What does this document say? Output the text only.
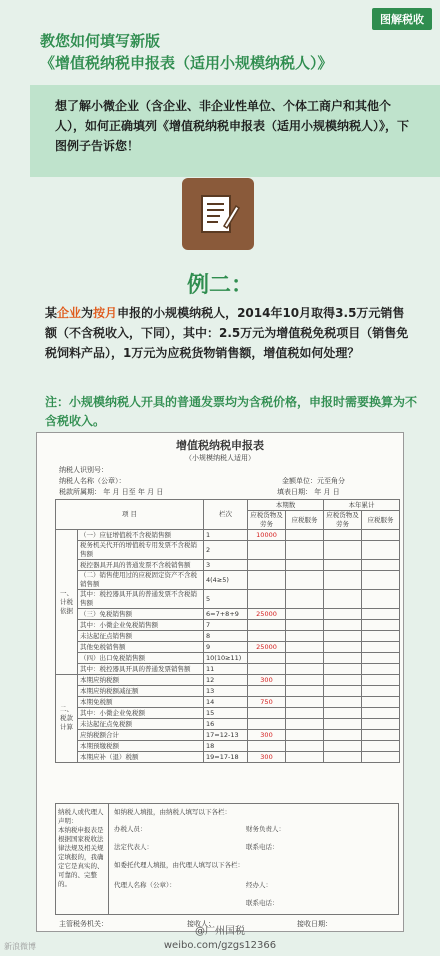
图解税收
教您如何填写新版
《增值税纳税申报表（适用小规模纳税人）》
想了解小微企业（含企业、非企业性单位、个体工商户和其他个人），如何正确填列《增值税纳税申报表（适用小规模纳税人）》，下图例子告诉您！
例二：
某企业为按月申报的小规模纳税人，2014年10月取得3.5万元销售额（不含税收入，下同），其中：2.5万元为增值税免税项目（销售免税饲料产品），1万元为应税货物销售额，增值税如何处理？
注：小规模纳税人开具的普通发票均为含税价格，申报时需要换算为不含税收入。
增值税纳税申报表
（小规模纳税人适用）
纳税人识别号：
纳税人名称（公章）：	金额单位：元至角分
税款所属期： 年 月 日至 年 月 日	填表日期： 年 月 日
项 目		栏次	本期数		本年累计	
			应税货物及劳务	应税服务	应税货物及劳务	应税服务
一、计税依据	（一）应征增值税不含税销售额	1	10000			
	税务机关代开的增值税专用发票不含税销售额	2				
	税控器具开具的普通发票不含税销售额	3				
	（二）销售使用过的应税固定资产不含税销售额	4(4≥5)				
	其中：税控器具开具的普通发票不含税销售额	5				
	（三）免税销售额	6=7+8+9	25000			
	其中：小微企业免税销售额	7				
	未达起征点销售额	8				
	其他免税销售额	9	25000			
	（四）出口免税销售额	10(10≥11)				
	其中：税控器具开具的普通发票销售额	11				
二、税款计算	本期应纳税额	12	300			
	本期应纳税额减征额	13				
	本期免税额	14	750			
	其中：小微企业免税额	15				
	未达起征点免税额	16				
	应纳税额合计	17=12-13	300			
	本期预缴税额	18				
	本期应补（退）税额	19=17-18	300			
纳税人或代理人声明：
本纳税申报表是根据国家税收法律法规及相关规定填报的，我确定它是真实的、可靠的、完整的。
如纳税人填报，由纳税人填写以下各栏：
办税人员：	财务负责人：
法定代表人：	联系电话：
如委托代理人填报，由代理人填写以下各栏：
代理人名称（公章）：	经办人：
联系电话：
主管税务机关：	接收人：	接收日期：
@广州国税
weibo.com/gzgs12366
新浪微博
